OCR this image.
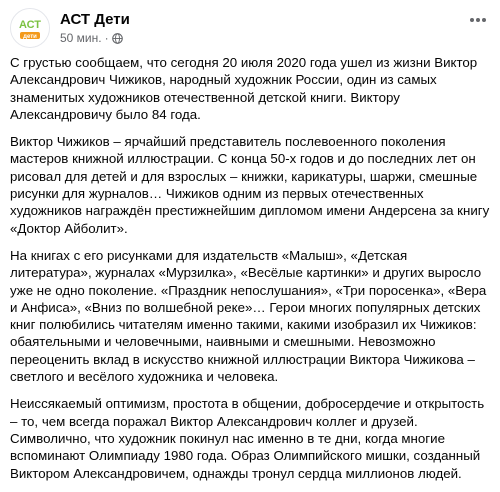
АСТ
дети
АСТ Дети
50 мин. ·

С грустью сообщаем, что сегодня 20 июля 2020 года ушел из жизни Виктор Александрович Чижиков, народный художник России, один из самых знаменитых художников отечественной детской книги. Виктору Александровичу было 84 года.

Виктор Чижиков – ярчайший представитель послевоенного поколения мастеров книжной иллюстрации. С конца 50-х годов и до последних лет он рисовал для детей и для взрослых – книжки, карикатуры, шаржи, смешные рисунки для журналов… Чижиков одним из первых отечественных художников награждён престижнейшим дипломом имени Андерсена за книгу «Доктор Айболит».

На книгах с его рисунками для издательств «Малыш», «Детская литература», журналах «Мурзилка», «Весёлые картинки» и других выросло уже не одно поколение. «Праздник непослушания», «Три поросенка», «Вера и Анфиса», «Вниз по волшебной реке»… Герои многих популярных детских книг полюбились читателям именно такими, какими изобразил их Чижиков: обаятельными и человечными, наивными и смешными. Невозможно переоценить вклад в искусство книжной иллюстрации Виктора Чижикова – светлого и весёлого художника и человека.

Неиссякаемый оптимизм, простота в общении, добросердечие и открытость – то, чем всегда поражал Виктор Александрович коллег и друзей. Символично, что художник покинул нас именно в те дни, когда многие вспоминают Олимпиаду 1980 года. Образ Олимпийского мишки, созданный Виктором Александровичем, однажды тронул сердца миллионов людей.
